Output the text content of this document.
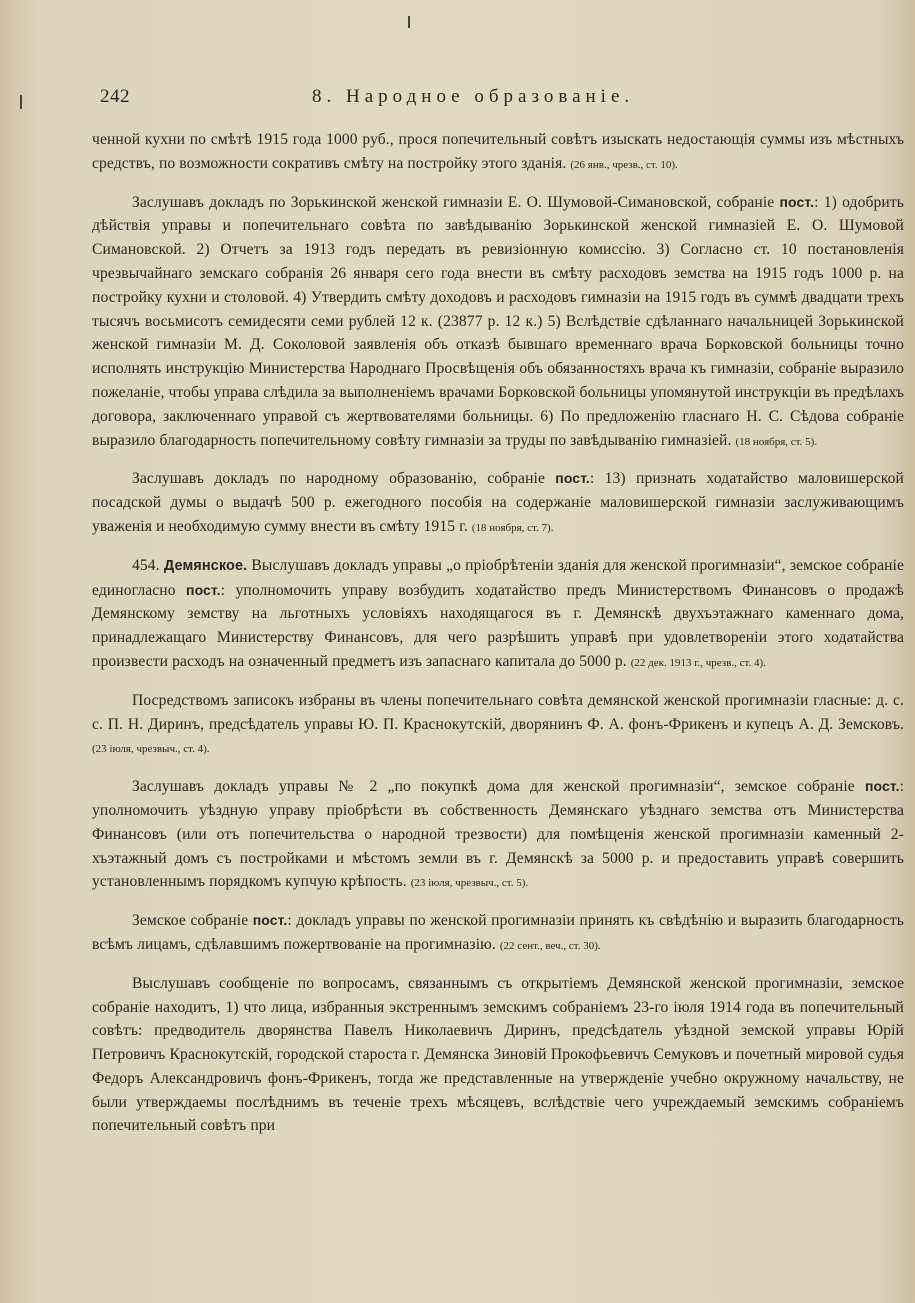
242	8. Народное образованіе.

ченной кухни по смѣтѣ 1915 года 1000 руб., прося попечительный совѣтъ изыскать недостающія суммы изъ мѣстныхъ средствъ, по возможности сокративъ смѣту на постройку этого зданія. (26 янв., чрезв., ст. 10).

Заслушавъ докладъ по Зорькинской женской гимназіи Е. О. Шумовой-Симановской, собраніе пост.: 1) одобрить дѣйствія управы и попечительнаго совѣта по завѣдыванію Зорькинской женской гимназіей Е. О. Шумовой Симановской. 2) Отчетъ за 1913 годъ передать въ ревизіонную комиссію. 3) Согласно ст. 10 постановленія чрезвычайнаго земскаго собранія 26 января сего года внести въ смѣту расходовъ земства на 1915 годъ 1000 р. на постройку кухни и столовой. 4) Утвердить смѣту доходовъ и расходовъ гимназіи на 1915 годъ въ суммѣ двадцати трехъ тысячъ восьмисотъ семидесяти семи рублей 12 к. (23877 р. 12 к.) 5) Вслѣдствіе сдѣланнаго начальницей Зорькинской женской гимназіи М. Д. Соколовой заявленія объ отказѣ бывшаго временнаго врача Борковской больницы точно исполнять инструкцію Министерства Народнаго Просвѣщенія объ обязанностяхъ врача къ гимназіи, собраніе выразило пожеланіе, чтобы управа слѣдила за выполненіемъ врачами Борковской больницы упомянутой инструкціи въ предѣлахъ договора, заключеннаго управой съ жертвователями больницы. 6) По предложенію гласнаго Н. С. Сѣдова собраніе выразило благодарность попечительному совѣту гимназіи за труды по завѣдыванію гимназіей. (18 ноября, ст. 5).

Заслушавъ докладъ по народному образованію, собраніе пост.: 13) признать ходатайство маловишерской посадской думы о выдачѣ 500 р. ежегодного пособія на содержаніе маловишерской гимназіи заслуживающимъ уваженія и необходимую сумму внести въ смѣту 1915 г. (18 ноября, ст. 7).

454. Демянское. Выслушавъ докладъ управы „о пріобрѣтеніи зданія для женской прогимназіи“, земское собраніе единогласно пост.: уполномочить управу возбудить ходатайство предъ Министерствомъ Финансовъ о продажѣ Демянскому земству на льготныхъ условіяхъ находящагося въ г. Демянскѣ двухъэтажнаго каменнаго дома, принадлежащаго Министерству Финансовъ, для чего разрѣшить управѣ при удовлетвореніи этого ходатайства произвести расходъ на означенный предметъ изъ запаснаго капитала до 5000 р. (22 дек. 1913 г., чрезв., ст. 4).

Посредствомъ записокъ избраны въ члены попечительнаго совѣта демянской женской прогимназіи гласные: д. с. с. П. Н. Диринъ, предсѣдатель управы Ю. П. Краснокутскій, дворянинъ Ф. А. фонъ-Фрикенъ и купецъ А. Д. Земсковъ. (23 іюля, чрезвыч., ст. 4).

Заслушавъ докладъ управы № 2 „по покупкѣ дома для женской прогимназіи“, земское собраніе пост.: уполномочить уѣздную управу пріобрѣсти въ собственность Демянскаго уѣзднаго земства отъ Министерства Финансовъ (или отъ попечительства о народной трезвости) для помѣщенія женской прогимназіи каменный 2-хъэтажный домъ съ постройками и мѣстомъ земли въ г. Демянскѣ за 5000 р. и предоставить управѣ совершить установленнымъ порядкомъ купчую крѣпость. (23 іюля, чрезвыч., ст. 5).

Земское собраніе пост.: докладъ управы по женской прогимназіи принять къ свѣдѣнію и выразить благодарность всѣмъ лицамъ, сдѣлавшимъ пожертвованіе на прогимназію. (22 сент., веч., ст. 30).

Выслушавъ сообщеніе по вопросамъ, связаннымъ съ открытіемъ Демянской женской прогимназіи, земское собраніе находитъ, 1) что лица, избранныя экстреннымъ земскимъ собраніемъ 23-го іюля 1914 года въ попечительный совѣтъ: предводитель дворянства Павелъ Николаевичъ Диринъ, предсѣдатель уѣздной земской управы Юрій Петровичъ Краснокутскій, городской староста г. Демянска Зиновій Прокофьевичъ Семуковъ и почетный мировой судья Федоръ Александровичъ фонъ-Фрикенъ, тогда же представленные на утвержденіе учебно окружному начальству, не были утверждаемы послѣднимъ въ теченіе трехъ мѣсяцевъ, вслѣдствіе чего учреждаемый земскимъ собраніемъ попечительный совѣтъ при
